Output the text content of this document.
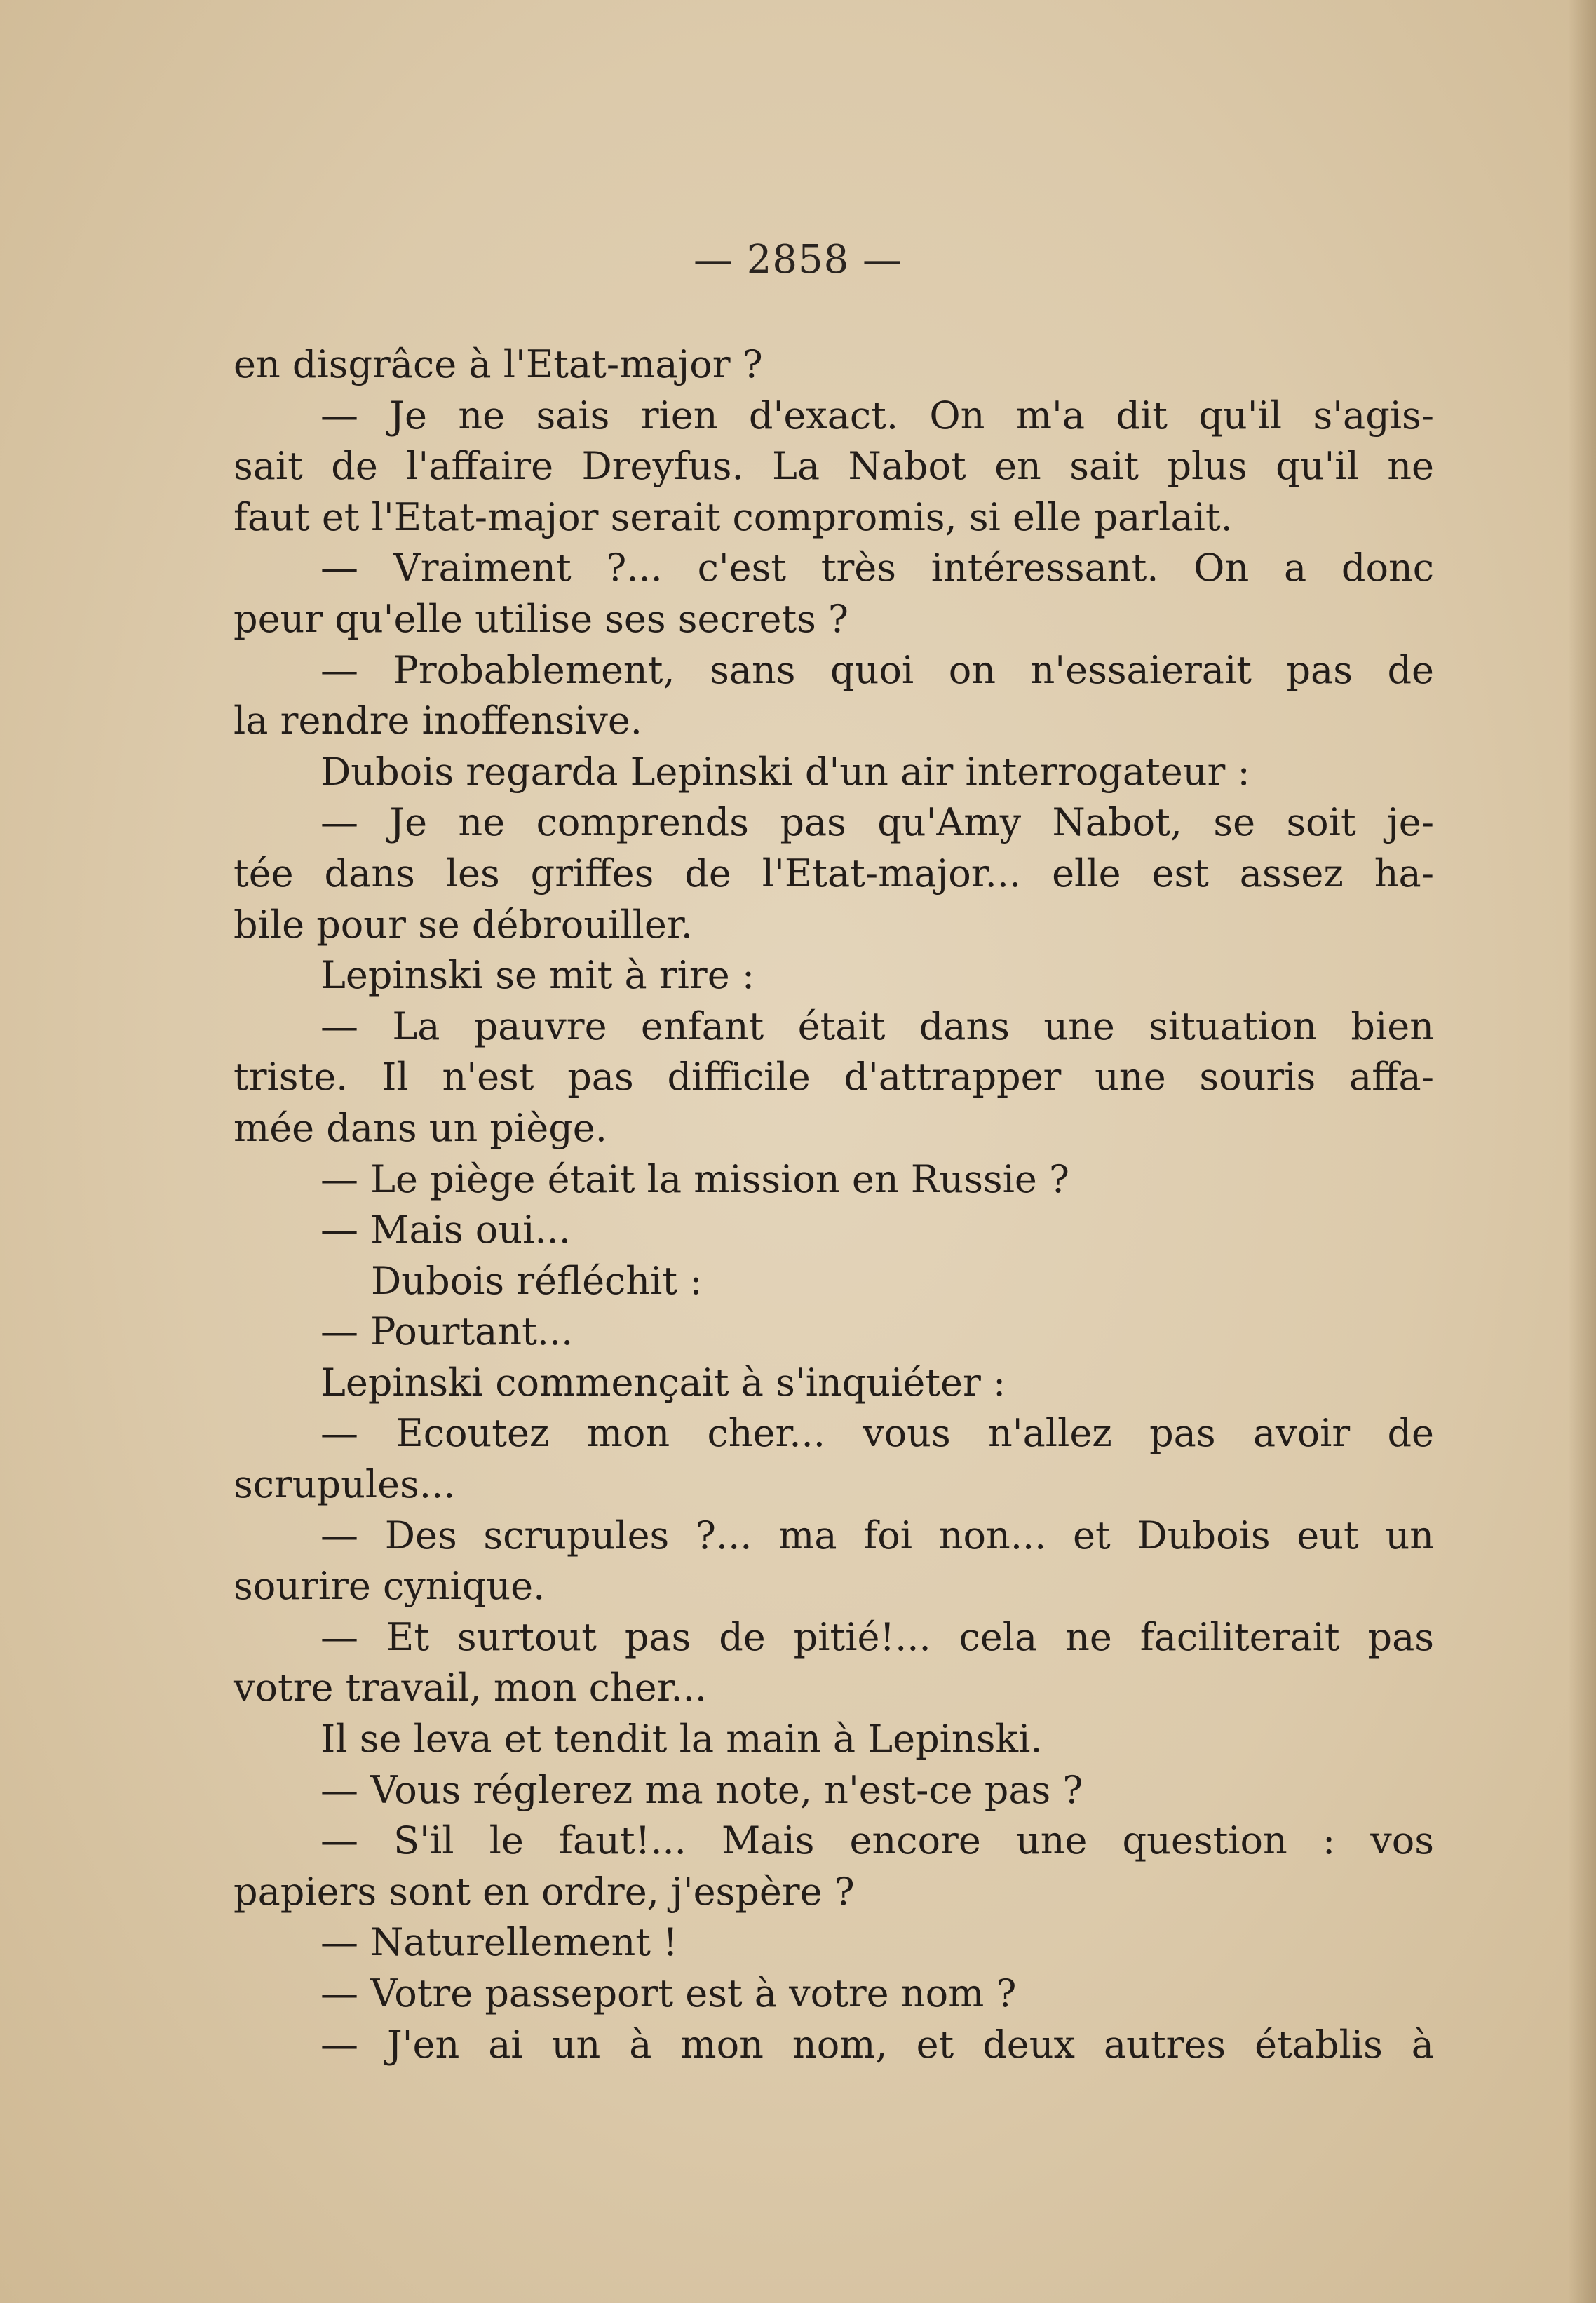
— 2858 —
en disgrâce à l'Etat-major ?
— Je ne sais rien d'exact. On m'a dit qu'il s'agis-
sait de l'affaire Dreyfus. La Nabot en sait plus qu'il ne
faut et l'Etat-major serait compromis, si elle parlait.
— Vraiment ?... c'est très intéressant. On a donc
peur qu'elle utilise ses secrets ?
— Probablement, sans quoi on n'essaierait pas de
la rendre inoffensive.
Dubois regarda Lepinski d'un air interrogateur :
— Je ne comprends pas qu'Amy Nabot, se soit je-
tée dans les griffes de l'Etat-major... elle est assez ha-
bile pour se débrouiller.
Lepinski se mit à rire :
— La pauvre enfant était dans une situation bien
triste. Il n'est pas difficile d'attrapper une souris affa-
mée dans un piège.
— Le piège était la mission en Russie ?
— Mais oui...
Dubois réfléchit :
— Pourtant...
Lepinski commençait à s'inquiéter :
— Ecoutez mon cher... vous n'allez pas avoir de
scrupules...
— Des scrupules ?... ma foi non... et Dubois eut un
sourire cynique.
— Et surtout pas de pitié!... cela ne faciliterait pas
votre travail, mon cher...
Il se leva et tendit la main à Lepinski.
— Vous réglerez ma note, n'est-ce pas ?
— S'il le faut!... Mais encore une question : vos
papiers sont en ordre, j'espère ?
— Naturellement !
— Votre passeport est à votre nom ?
— J'en ai un à mon nom, et deux autres établis à
